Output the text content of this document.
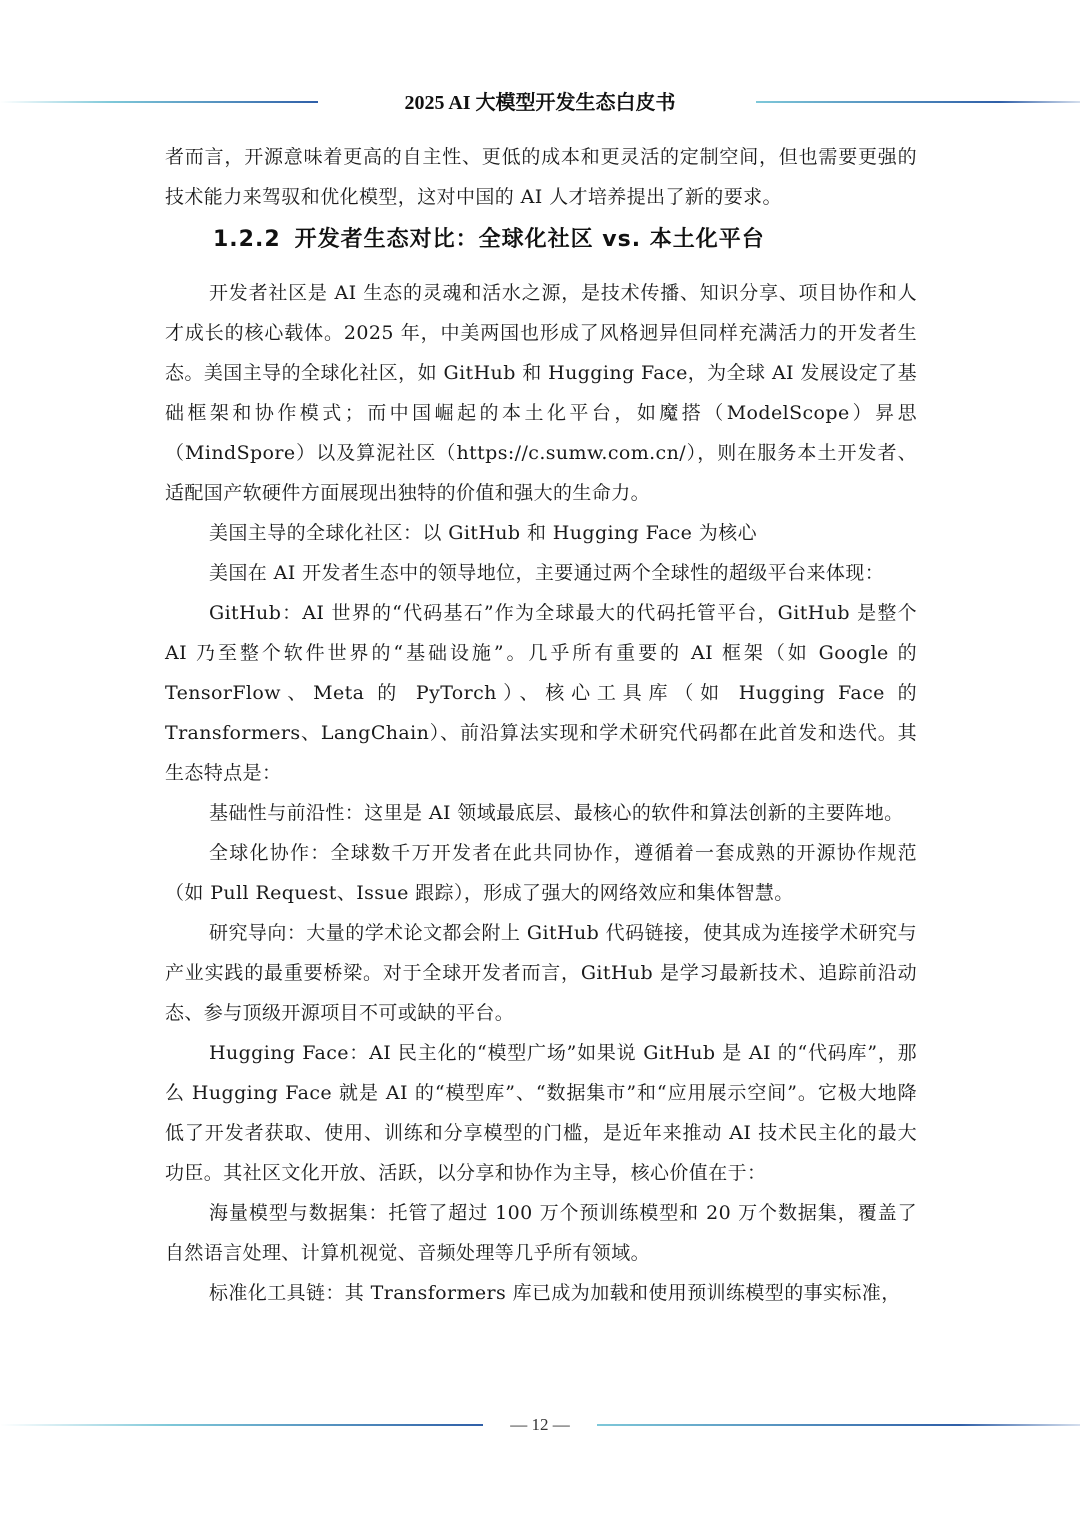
2025 AI 大模型开发生态白皮书

者而言，开源意味着更高的自主性、更低的成本和更灵活的定制空间，但也需要更强的技术能力来驾驭和优化模型，这对中国的 AI 人才培养提出了新的要求。

1.2.2 开发者生态对比：全球化社区 vs. 本土化平台

开发者社区是 AI 生态的灵魂和活水之源，是技术传播、知识分享、项目协作和人才成长的核心载体。2025 年，中美两国也形成了风格迥异但同样充满活力的开发者生态。美国主导的全球化社区，如 GitHub 和 Hugging Face，为全球 AI 发展设定了基础框架和协作模式；而中国崛起的本土化平台，如魔搭（ModelScope）昇思（MindSpore）以及算泥社区（https://c.sumw.com.cn/），则在服务本土开发者、适配国产软硬件方面展现出独特的价值和强大的生命力。

美国主导的全球化社区：以 GitHub 和 Hugging Face 为核心

美国在 AI 开发者生态中的领导地位，主要通过两个全球性的超级平台来体现：

GitHub：AI 世界的“代码基石”作为全球最大的代码托管平台，GitHub 是整个 AI 乃至整个软件世界的“基础设施”。几乎所有重要的 AI 框架（如 Google 的 TensorFlow、Meta 的 PyTorch）、核心工具库（如 Hugging Face 的 Transformers、LangChain）、前沿算法实现和学术研究代码都在此首发和迭代。其生态特点是：

基础性与前沿性：这里是 AI 领域最底层、最核心的软件和算法创新的主要阵地。

全球化协作：全球数千万开发者在此共同协作，遵循着一套成熟的开源协作规范（如 Pull Request、Issue 跟踪），形成了强大的网络效应和集体智慧。

研究导向：大量的学术论文都会附上 GitHub 代码链接，使其成为连接学术研究与产业实践的最重要桥梁。对于全球开发者而言，GitHub 是学习最新技术、追踪前沿动态、参与顶级开源项目不可或缺的平台。

Hugging Face：AI 民主化的“模型广场”如果说 GitHub 是 AI 的“代码库”，那么 Hugging Face 就是 AI 的“模型库”、“数据集市”和“应用展示空间”。它极大地降低了开发者获取、使用、训练和分享模型的门槛，是近年来推动 AI 技术民主化的最大功臣。其社区文化开放、活跃，以分享和协作为主导，核心价值在于：

海量模型与数据集：托管了超过 100 万个预训练模型和 20 万个数据集，覆盖了自然语言处理、计算机视觉、音频处理等几乎所有领域。

标准化工具链：其 Transformers 库已成为加载和使用预训练模型的事实标准，

— 12 —
